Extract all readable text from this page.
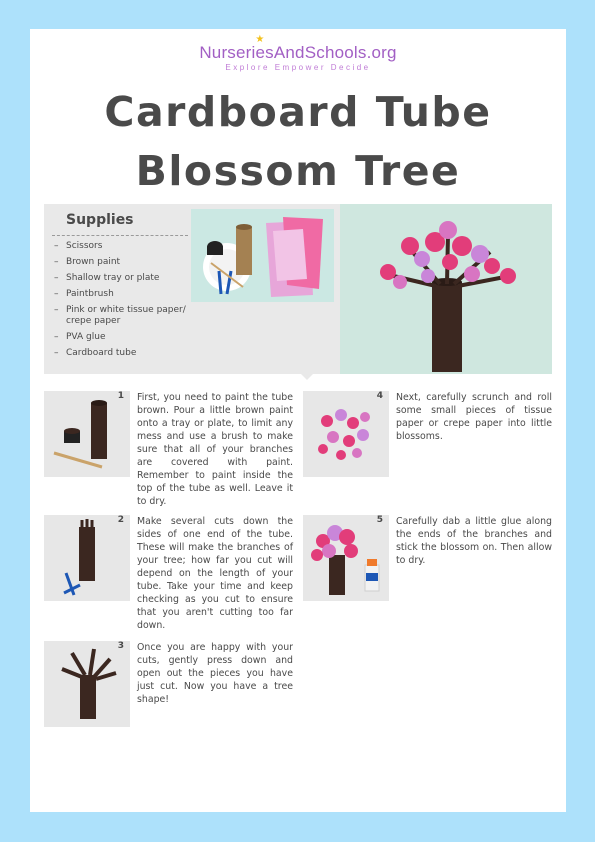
★
NurseriesAndSchools.org
Explore Empower Decide
Cardboard Tube
Blossom Tree
Supplies
– Scissors
– Brown paint
– Shallow tray or plate
– Paintbrush
– Pink or white tissue paper/ crepe paper
– PVA glue
– Cardboard tube
1 First, you need to paint the tube brown. Pour a little brown paint onto a tray or plate, to limit any mess and use a brush to make sure that all of your branches are covered with paint. Remember to paint inside the top of the tube as well. Leave it to dry.

2 Make several cuts down the sides of one end of the tube. These will make the branches of your tree; how far you cut will depend on the length of your tube. Take your time and keep checking as you cut to ensure that you aren't cutting too far down.

3 Once you are happy with your cuts, gently press down and open out the pieces you have just cut. Now you have a tree shape!

4 Next, carefully scrunch and roll some small pieces of tissue paper or crepe paper into little blossoms.

5 Carefully dab a little glue along the ends of the branches and stick the blossom on. Then allow to dry.
